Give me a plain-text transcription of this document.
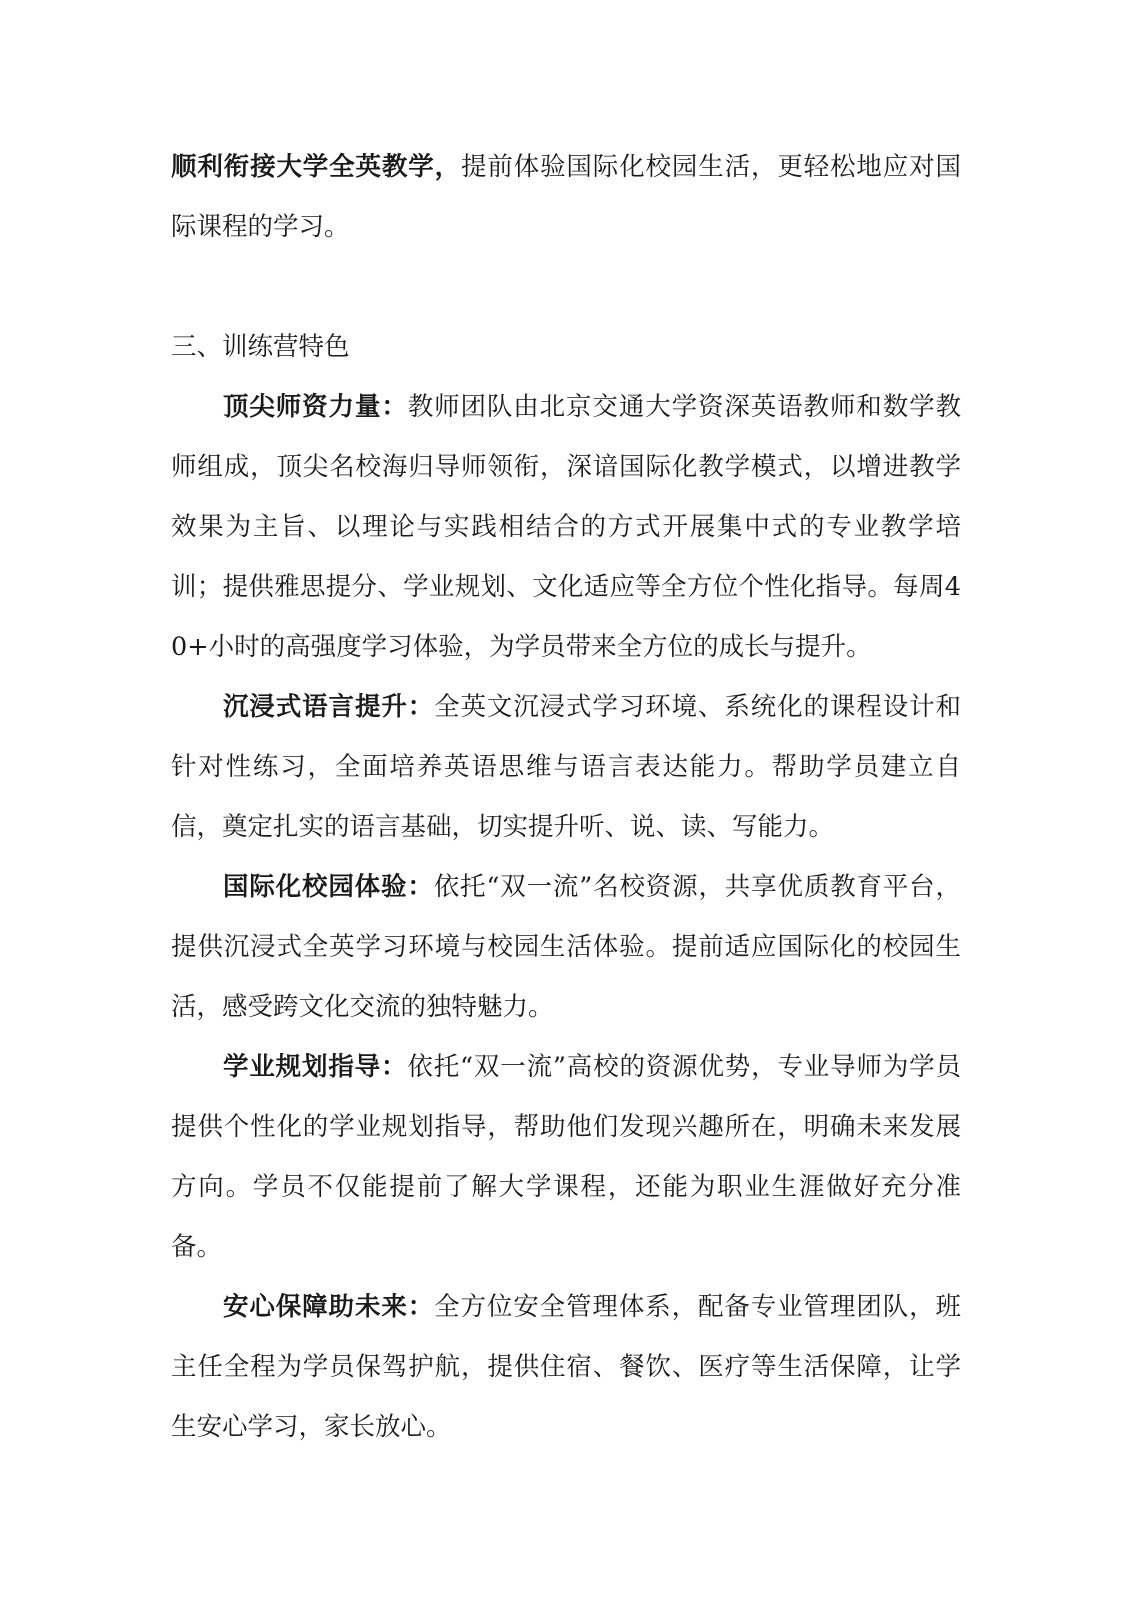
顺利衔接大学全英教学，提前体验国际化校园生活，更轻松地应对国际课程的学习。

三、训练营特色

顶尖师资力量：教师团队由北京交通大学资深英语教师和数学教师组成，顶尖名校海归导师领衔，深谙国际化教学模式，以增进教学效果为主旨、以理论与实践相结合的方式开展集中式的专业教学培训；提供雅思提分、学业规划、文化适应等全方位个性化指导。每周40+小时的高强度学习体验，为学员带来全方位的成长与提升。

沉浸式语言提升：全英文沉浸式学习环境、系统化的课程设计和针对性练习，全面培养英语思维与语言表达能力。帮助学员建立自信，奠定扎实的语言基础，切实提升听、说、读、写能力。

国际化校园体验：依托“双一流”名校资源，共享优质教育平台，提供沉浸式全英学习环境与校园生活体验。提前适应国际化的校园生活，感受跨文化交流的独特魅力。

学业规划指导：依托“双一流”高校的资源优势，专业导师为学员提供个性化的学业规划指导，帮助他们发现兴趣所在，明确未来发展方向。学员不仅能提前了解大学课程，还能为职业生涯做好充分准备。

安心保障助未来：全方位安全管理体系，配备专业管理团队，班主任全程为学员保驾护航，提供住宿、餐饮、医疗等生活保障，让学生安心学习，家长放心。
